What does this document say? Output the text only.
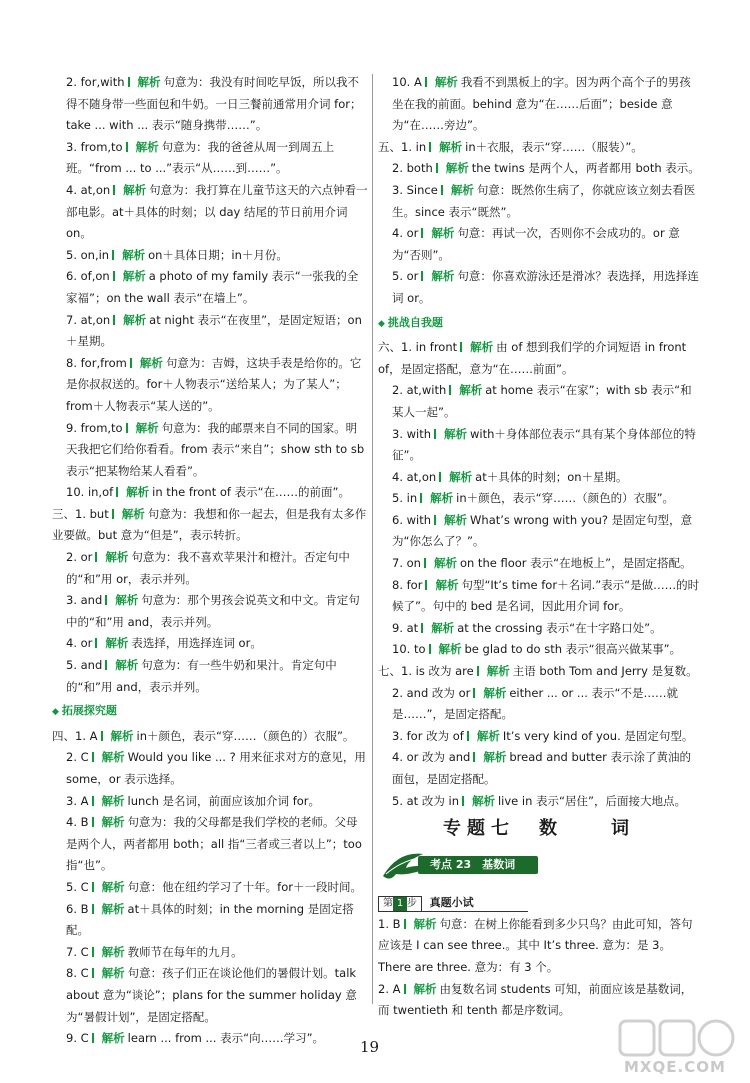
2. for,with 解析 句意为：我没有时间吃早饭，所以我不得不随身带一些面包和牛奶。一日三餐前通常用介词 for；take ... with ... 表示“随身携带……”。
3. from,to 解析 句意为：我的爸爸从周一到周五上班。“from ... to ...”表示“从……到……”。
4. at,on 解析 句意为：我打算在儿童节这天的六点钟看一部电影。at＋具体的时刻；以 day 结尾的节日前用介词 on。
5. on,in 解析 on＋具体日期；in＋月份。
6. of,on 解析 a photo of my family 表示“一张我的全家福”；on the wall 表示“在墙上”。
7. at,on 解析 at night 表示“在夜里”，是固定短语；on＋星期。
8. for,from 解析 句意为：吉姆，这块手表是给你的。它是你叔叔送的。for＋人物表示“送给某人；为了某人”；from＋人物表示“某人送的”。
9. from,to 解析 句意为：我的邮票来自不同的国家。明天我把它们给你看看。from 表示“来自”；show sth to sb 表示“把某物给某人看看”。
10. in,of 解析 in the front of 表示“在……的前面”。
三、1. but 解析 句意为：我想和你一起去，但是我有太多作业要做。but 意为“但是”，表示转折。
2. or 解析 句意为：我不喜欢苹果汁和橙汁。否定句中的“和”用 or，表示并列。
3. and 解析 句意为：那个男孩会说英文和中文。肯定句中的“和”用 and，表示并列。
4. or 解析 表选择，用选择连词 or。
5. and 解析 句意为：有一些牛奶和果汁。肯定句中的“和”用 and，表示并列。
◆ 拓展探究题
四、1. A 解析 in＋颜色，表示“穿……（颜色的）衣服”。
2. C 解析 Would you like ... ? 用来征求对方的意见，用 some，or 表示选择。
3. A 解析 lunch 是名词，前面应该加介词 for。
4. B 解析 句意为：我的父母都是我们学校的老师。父母是两个人，两者都用 both；all 指“三者或三者以上”；too 指“也”。
5. C 解析 句意：他在纽约学习了十年。for＋一段时间。
6. B 解析 at＋具体的时刻；in the morning 是固定搭配。
7. C 解析 教师节在每年的九月。
8. C 解析 句意：孩子们正在谈论他们的暑假计划。talk about 意为“谈论”；plans for the summer holiday 意为“暑假计划”，是固定搭配。
9. C 解析 learn ... from ... 表示“向……学习”。
10. A 解析 我看不到黑板上的字。因为两个高个子的男孩坐在我的前面。behind 意为“在……后面”；beside 意为“在……旁边”。
五、1. in 解析 in＋衣服，表示“穿……（服装）”。
2. both 解析 the twins 是两个人，两者都用 both 表示。
3. Since 解析 句意：既然你生病了，你就应该立刻去看医生。since 表示“既然”。
4. or 解析 句意：再试一次，否则你不会成功的。or 意为“否则”。
5. or 解析 句意：你喜欢游泳还是滑冰？表选择，用选择连词 or。
◆ 挑战自我题
六、1. in front 解析 由 of 想到我们学的介词短语 in front of，是固定搭配，意为“在……前面”。
2. at,with 解析 at home 表示“在家”；with sb 表示“和某人一起”。
3. with 解析 with＋身体部位表示“具有某个身体部位的特征”。
4. at,on 解析 at＋具体的时刻；on＋星期。
5. in 解析 in＋颜色，表示“穿……（颜色的）衣服”。
6. with 解析 What’s wrong with you? 是固定句型，意为“你怎么了？”。
7. on 解析 on the floor 表示“在地板上”，是固定搭配。
8. for 解析 句型“It’s time for＋名词.”表示“是做……的时候了”。句中的 bed 是名词，因此用介词 for。
9. at 解析 at the crossing 表示“在十字路口处”。
10. to 解析 be glad to do sth 表示“很高兴做某事”。
七、1. is 改为 are 解析 主语 both Tom and Jerry 是复数。
2. and 改为 or 解析 either ... or ... 表示“不是……就是……”，是固定搭配。
3. for 改为 of 解析 It’s very kind of you. 是固定句型。
4. or 改为 and 解析 bread and butter 表示涂了黄油的面包，是固定搭配。
5. at 改为 in 解析 live in 表示“居住”，后面接大地点。
专题七　数　　词
考点 23　基数词
第 1 步 真题小试
1. B 解析 句意：在树上你能看到多少只鸟？由此可知，答句应该是 I can see three.。其中 It’s three. 意为：是 3。There are three. 意为：有 3 个。
2. A 解析 由复数名词 students 可知，前面应该是基数词，而 twentieth 和 tenth 都是序数词。
19
MXQE.COM
